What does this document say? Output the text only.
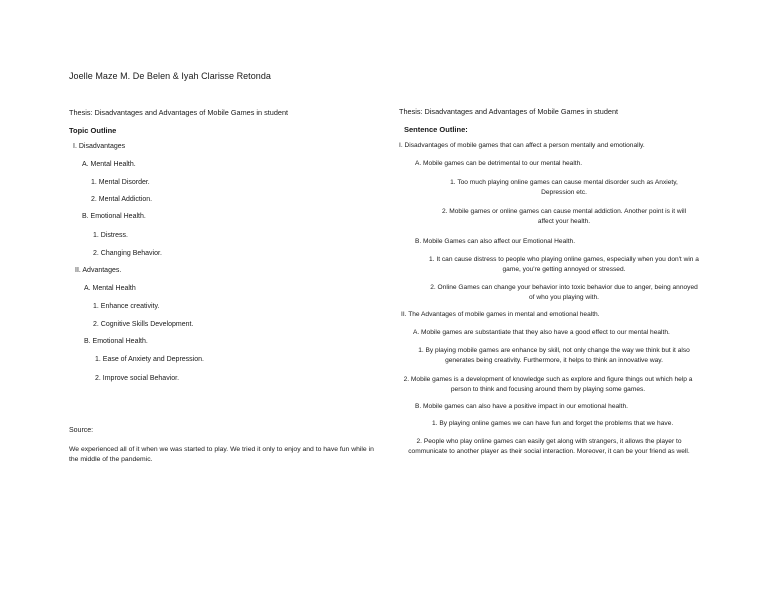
Joelle Maze M. De Belen & Iyah Clarisse Retonda
Thesis: Disadvantages and Advantages of Mobile Games in student
Topic Outline
I. Disadvantages
A. Mental Health.
1. Mental Disorder.
2. Mental Addiction.
B. Emotional Health.
1. Distress.
2. Changing Behavior.
II. Advantages.
A. Mental Health
1. Enhance creativity.
2. Cognitive Skills Development.
B. Emotional Health.
1. Ease of Anxiety and Depression.
2. Improve social Behavior.
Source:
We experienced all of it when we was started to play. We tried it only to enjoy and to have fun while in the middle of the pandemic.
Thesis: Disadvantages and Advantages of Mobile Games in student
Sentence Outline:
I. Disadvantages of mobile games that can affect a person mentally and emotionally.
A. Mobile games can be detrimental to our mental health.
1. Too much playing online games can cause mental disorder such as Anxiety, Depression etc.
2. Mobile games or online games can cause mental addiction. Another point is it will affect your health.
B. Mobile Games can also affect our Emotional Health.
1. It can cause distress to people who playing online games, especially when you don't win a game, you're getting annoyed or stressed.
2. Online Games can change your behavior into toxic behavior due to anger, being annoyed of who you playing with.
II. The Advantages of mobile games in mental and emotional health.
A. Mobile games are substantiate that they also have a good effect to our mental health.
1. By playing mobile games are enhance by skill, not only change the way we think but it also generates being creativity. Furthermore, it helps to think an innovative way.
2. Mobile games is a development of knowledge such as explore and figure things out which help a person to think and focusing around them by playing some games.
B. Mobile games can also have a positive impact in our emotional health.
1. By playing online games we can have fun and forget the problems that we have.
2. People who play online games can easily get along with strangers, it allows the player to communicate to another player as their social interaction. Moreover, it can be your friend as well.
